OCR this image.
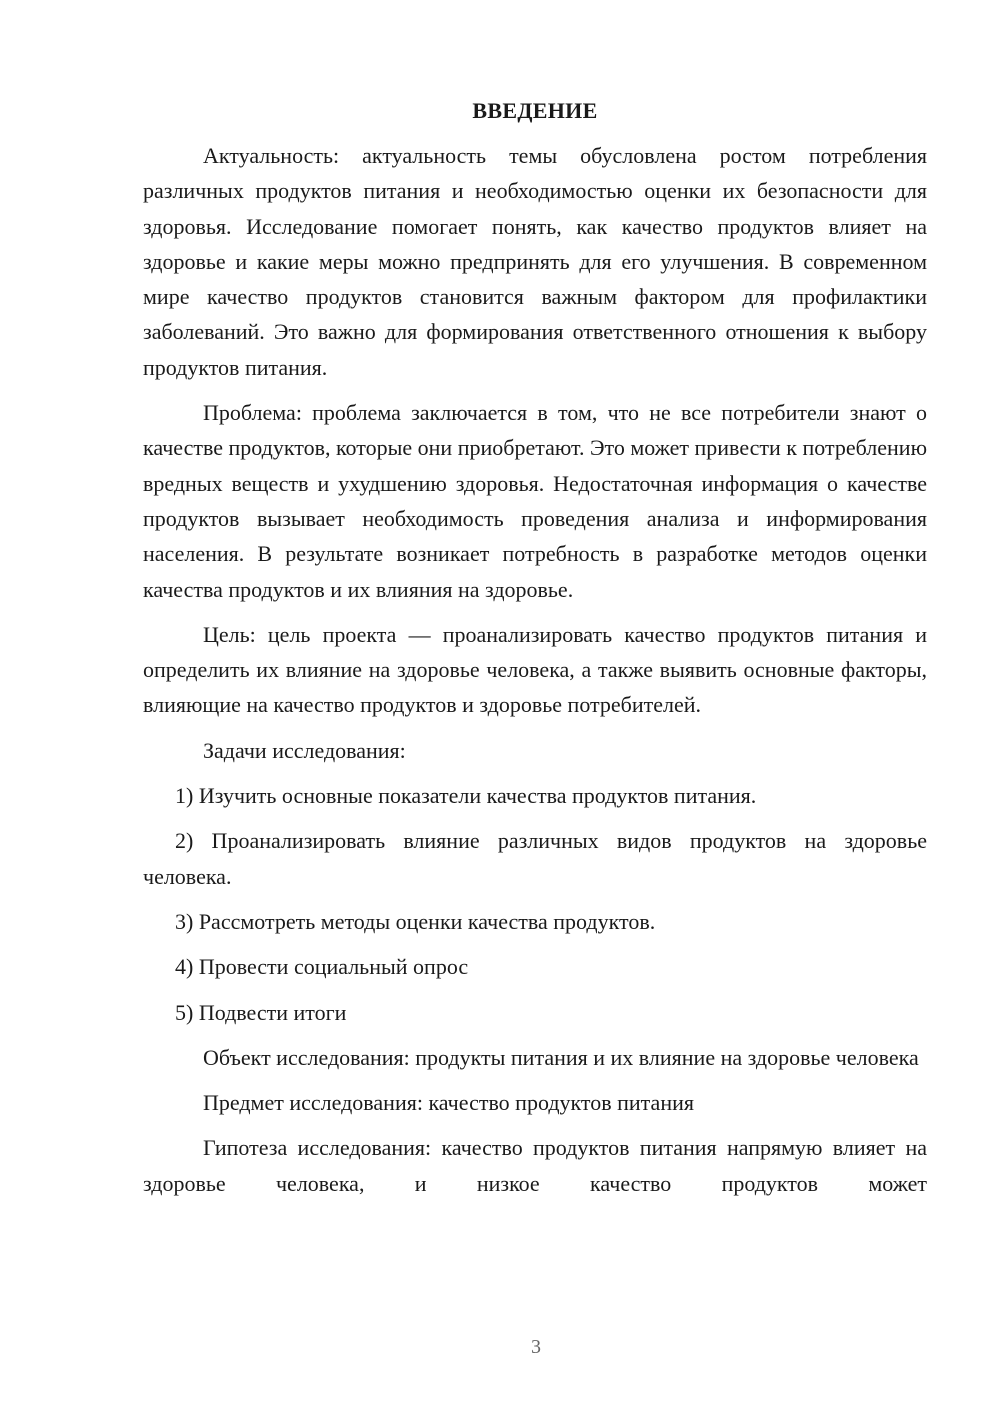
ВВЕДЕНИЕ

Актуальность: актуальность темы обусловлена ростом потребления различных продуктов питания и необходимостью оценки их безопасности для здоровья. Исследование помогает понять, как качество продуктов влияет на здоровье и какие меры можно предпринять для его улучшения. В современном мире качество продуктов становится важным фактором для профилактики заболеваний. Это важно для формирования ответственного отношения к выбору продуктов питания.

Проблема: проблема заключается в том, что не все потребители знают о качестве продуктов, которые они приобретают. Это может привести к потреблению вредных веществ и ухудшению здоровья. Недостаточная информация о качестве продуктов вызывает необходимость проведения анализа и информирования населения. В результате возникает потребность в разработке методов оценки качества продуктов и их влияния на здоровье.

Цель: цель проекта — проанализировать качество продуктов питания и определить их влияние на здоровье человека, а также выявить основные факторы, влияющие на качество продуктов и здоровье потребителей.

Задачи исследования:

1) Изучить основные показатели качества продуктов питания.

2) Проанализировать влияние различных видов продуктов на здоровье человека.

3) Рассмотреть методы оценки качества продуктов.

4) Провести социальный опрос

5) Подвести итоги

Объект исследования: продукты питания и их влияние на здоровье человека

Предмет исследования: качество продуктов питания

Гипотеза исследования: качество продуктов питания напрямую влияет на здоровье человека, и низкое качество продуктов может

3
